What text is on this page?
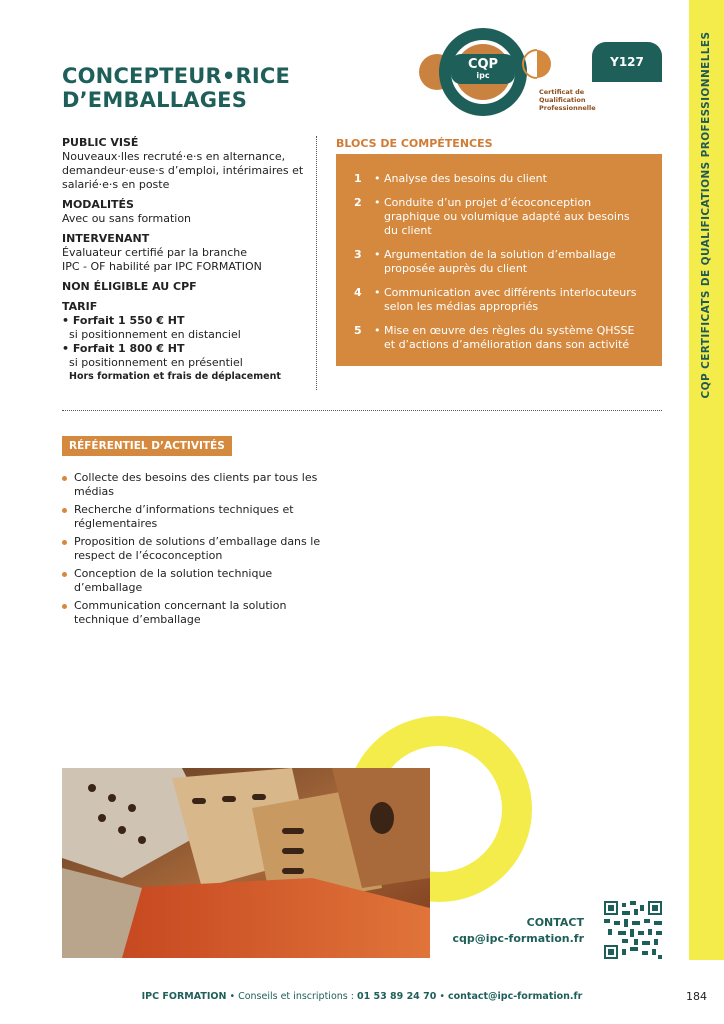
CQPCERTIFICATS DE QUALIFICATIONS PROFESSIONNELLES
CONCEPTEUR•RICE
D’EMBALLAGES
CQP
ipc
Certificat de
Qualification
Professionnelle
Y127
PUBLIC VISÉ
Nouveaux·lles recruté·e·s en alternance, demandeur·euse·s d’emploi, intérimaires et salarié·e·s en poste
MODALITÉS
Avec ou sans formation
INTERVENANT
Évaluateur certifié par la branche
IPC - OF habilité par IPC FORMATION
NON ÉLIGIBLE AU CPF
TARIF
• Forfait 1 550 € HT
si positionnement en distanciel
• Forfait 1 800 € HT
si positionnement en présentiel
Hors formation et frais de déplacement
BLOCS DE COMPÉTENCES
1	• Analyse des besoins du client
2	• Conduite d’un projet d’écoconception graphique ou volumique adapté aux besoins du client
3	• Argumentation de la solution d’emballage proposée auprès du client
4	• Communication avec différents interlocuteurs selon les médias appropriés
5	• Mise en œuvre des règles du système QHSSE et d’actions d’amélioration dans son activité
RÉFÉRENTIEL D’ACTIVITÉS
Collecte des besoins des clients par tous les médias
Recherche d’informations techniques et réglementaires
Proposition de solutions d’emballage dans le respect de l’écoconception
Conception de la solution technique d’emballage
Communication concernant la solution technique d’emballage
CONTACT
cqp@ipc-formation.fr
IPC FORMATION • Conseils et inscriptions : 01 53 89 24 70 • contact@ipc-formation.fr	184
